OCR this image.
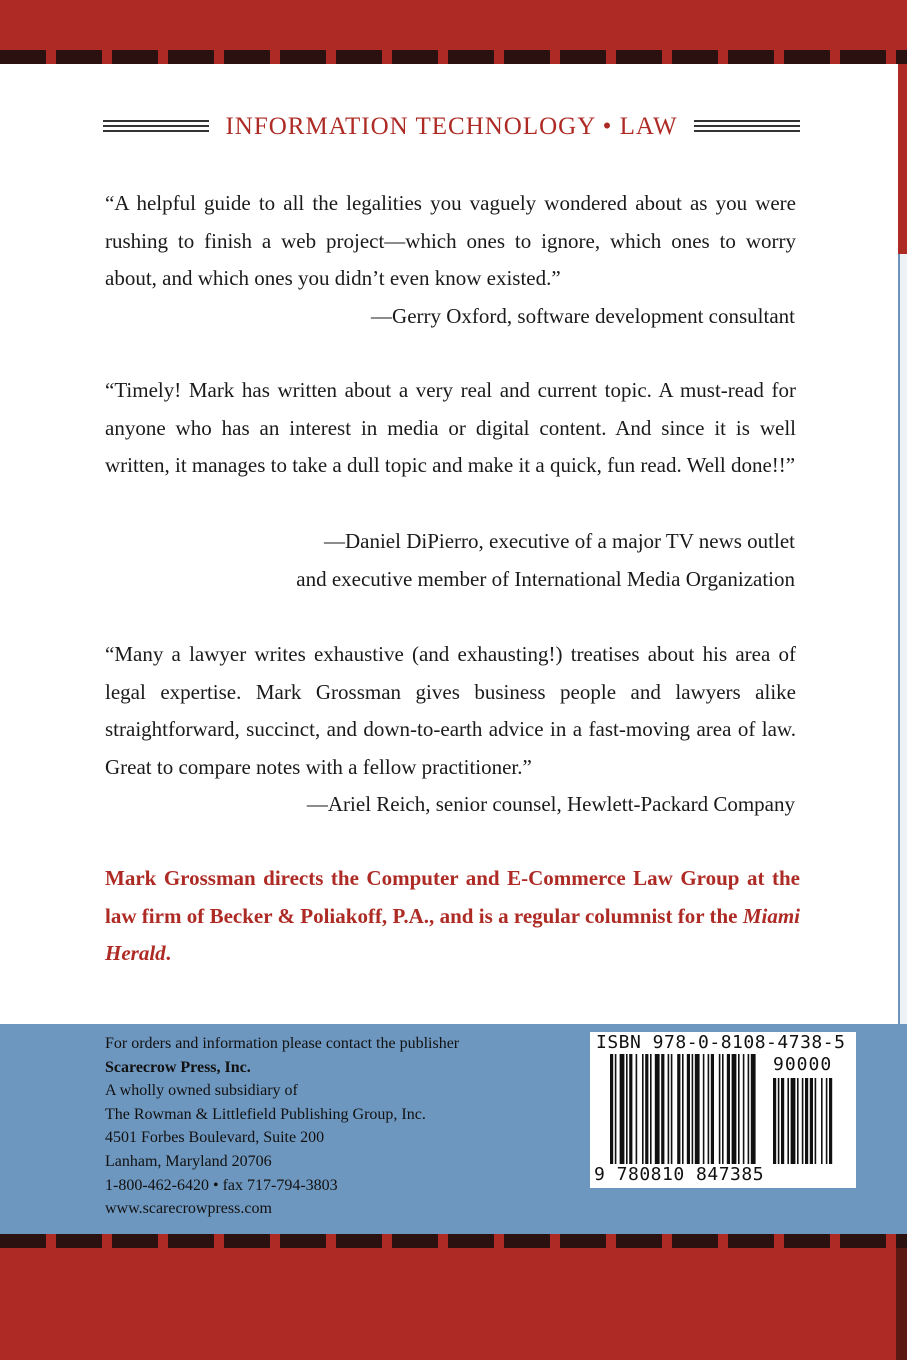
INFORMATION TECHNOLOGY • LAW
“A helpful guide to all the legalities you vaguely wondered about as you were rushing to finish a web project—which ones to ignore, which ones to worry about, and which ones you didn’t even know existed.”
—Gerry Oxford, software development consultant
“Timely! Mark has written about a very real and current topic. A must-read for anyone who has an interest in media or digital content. And since it is well written, it manages to take a dull topic and make it a quick, fun read. Well done!!”
—Daniel DiPierro, executive of a major TV news outlet
and executive member of International Media Organization
“Many a lawyer writes exhaustive (and exhausting!) treatises about his area of legal expertise. Mark Grossman gives business people and lawyers alike straightforward, succinct, and down-to-earth advice in a fast-moving area of law. Great to compare notes with a fellow practitioner.”
—Ariel Reich, senior counsel, Hewlett-Packard Company
Mark Grossman directs the Computer and E-Commerce Law Group at the law firm of Becker & Poliakoff, P.A., and is a regular columnist for the Miami Herald.
For orders and information please contact the publisher
Scarecrow Press, Inc.
A wholly owned subsidiary of
The Rowman & Littlefield Publishing Group, Inc.
4501 Forbes Boulevard, Suite 200
Lanham, Maryland 20706
1-800-462-6420 • fax 717-794-3803
www.scarecrowpress.com
ISBN 978-0-8108-4738-5
90000
9 780810 847385
